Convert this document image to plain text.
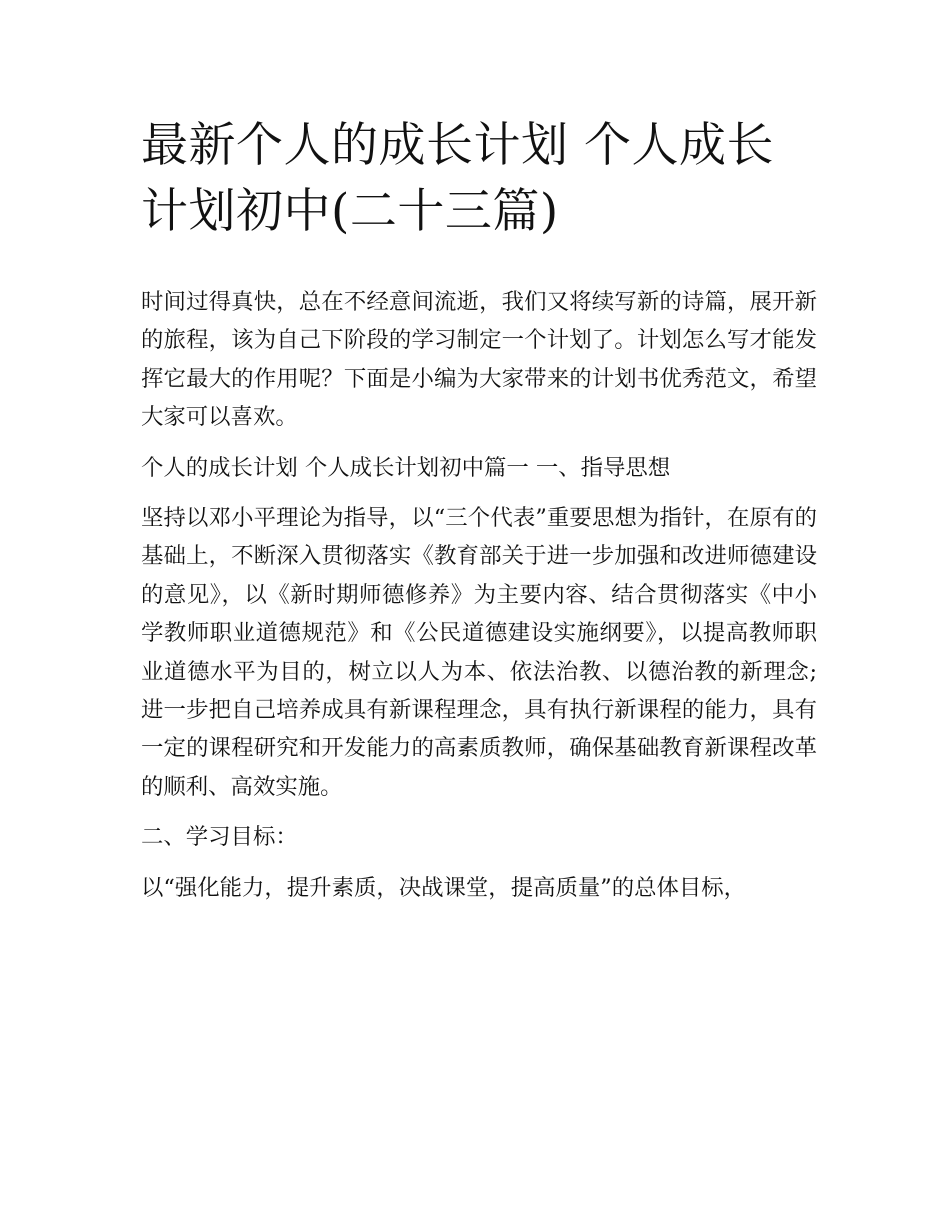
最新个人的成长计划 个人成长计划初中(二十三篇)

时间过得真快，总在不经意间流逝，我们又将续写新的诗篇，展开新的旅程，该为自己下阶段的学习制定一个计划了。计划怎么写才能发挥它最大的作用呢？下面是小编为大家带来的计划书优秀范文，希望大家可以喜欢。

个人的成长计划 个人成长计划初中篇一 一、指导思想

坚持以邓小平理论为指导，以“三个代表”重要思想为指针，在原有的基础上，不断深入贯彻落实《教育部关于进一步加强和改进师德建设的意见》，以《新时期师德修养》为主要内容、结合贯彻落实《中小学教师职业道德规范》和《公民道德建设实施纲要》，以提高教师职业道德水平为目的，树立以人为本、依法治教、以德治教的新理念;进一步把自己培养成具有新课程理念，具有执行新课程的能力，具有一定的课程研究和开发能力的高素质教师，确保基础教育新课程改革的顺利、高效实施。

二、学习目标：

以“强化能力，提升素质，决战课堂，提高质量”的总体目标，
